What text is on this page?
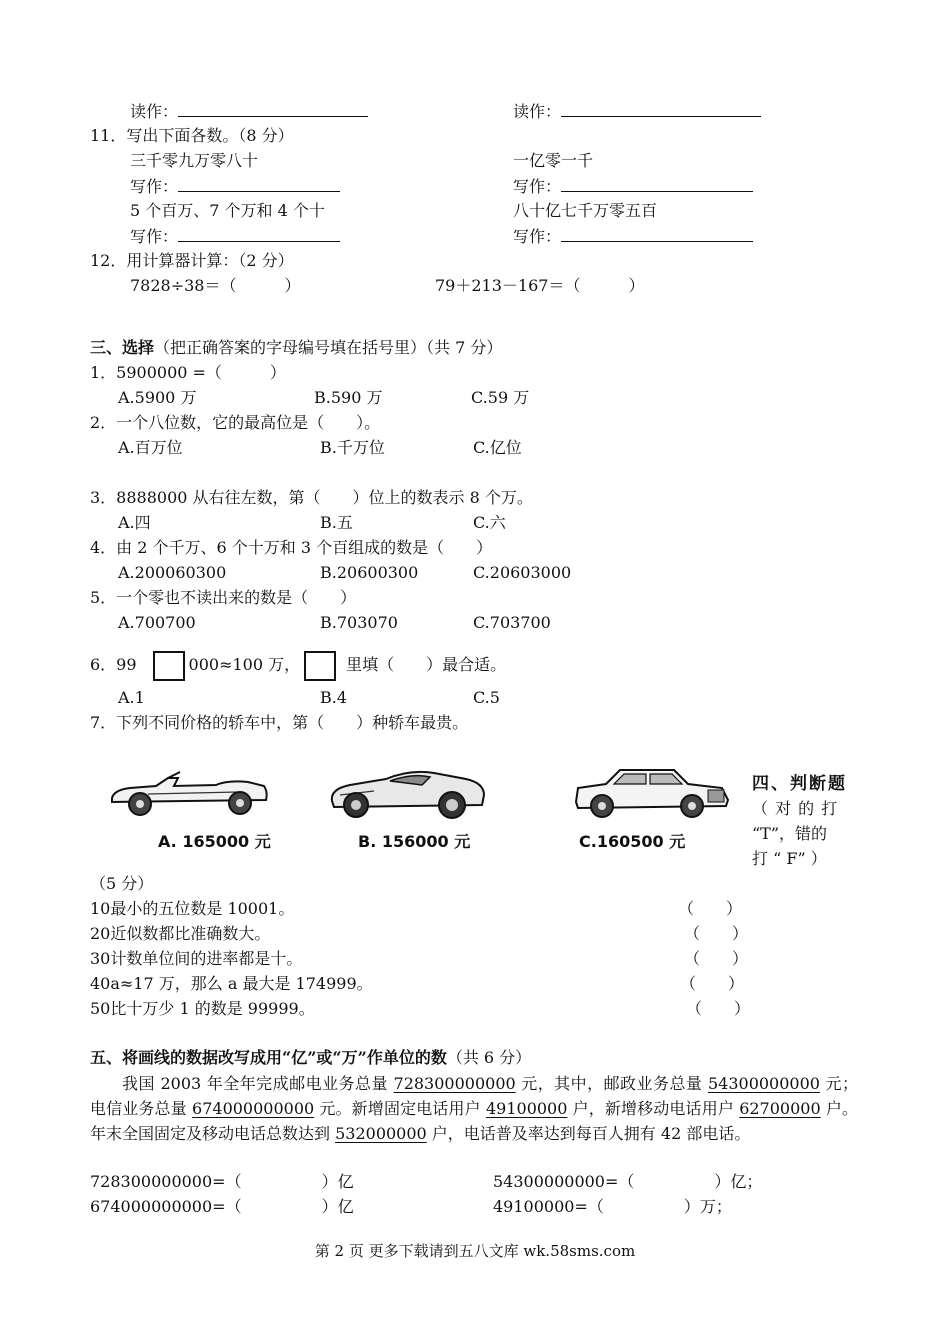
读作：	读作：
11．写出下面各数。（8 分）
三千零九万零八十	一亿零一千
写作：	写作：
5 个百万、7 个万和 4 个十	八十亿七千万零五百
写作：	写作：
12．用计算器计算：（2 分）
7828÷38＝（　　　）	79＋213－167＝（　　　）
三、选择（把正确答案的字母编号填在括号里）（共 7 分）
1．5900000 =（　　　）
A.5900 万	B.590 万	C.59 万
2．一个八位数，它的最高位是（　　）。
A.百万位	B.千万位	C.亿位
3．8888000 从右往左数，第（　　）位上的数表示 8 个万。
A.四	B.五	C.六
4．由 2 个千万、6 个十万和 3 个百组成的数是（　　）
A.200060300	B.20600300	C.20603000
5．一个零也不读出来的数是（　　）
A.700700	B.703070	C.703700
6．99	000≈100 万，	里填（　　）最合适。
A.1	B.4	C.5
7．下列不同价格的轿车中，第（　　）种轿车最贵。
A. 165000 元	B. 156000 元	C.160500 元
四、判断题
（ 对 的 打
“T”，错的
打 “ F” ）
（5 分）
10最小的五位数是 10001。	（　　）
20近似数都比准确数大。	（　　）
30计数单位间的进率都是十。	（　　）
40a≈17 万，那么 a 最大是 174999。	（　　）
50比十万少 1 的数是 99999。	（　　）
五、将画线的数据改写成用“亿”或“万”作单位的数（共 6 分）
我国 2003 年全年完成邮电业务总量 728300000000 元，其中，邮政业务总量 54300000000 元；电信业务总量 674000000000 元。新增固定电话用户 49100000 户，新增移动电话用户 62700000 户。年末全国固定及移动电话总数达到 532000000 户，电话普及率达到每百人拥有 42 部电话。
728300000000=（　　　　　）亿	54300000000=（　　　　　）亿；
674000000000=（　　　　　）亿	49100000=（　　　　　）万；
第 2 页 更多下载请到五八文库 wk.58sms.com
